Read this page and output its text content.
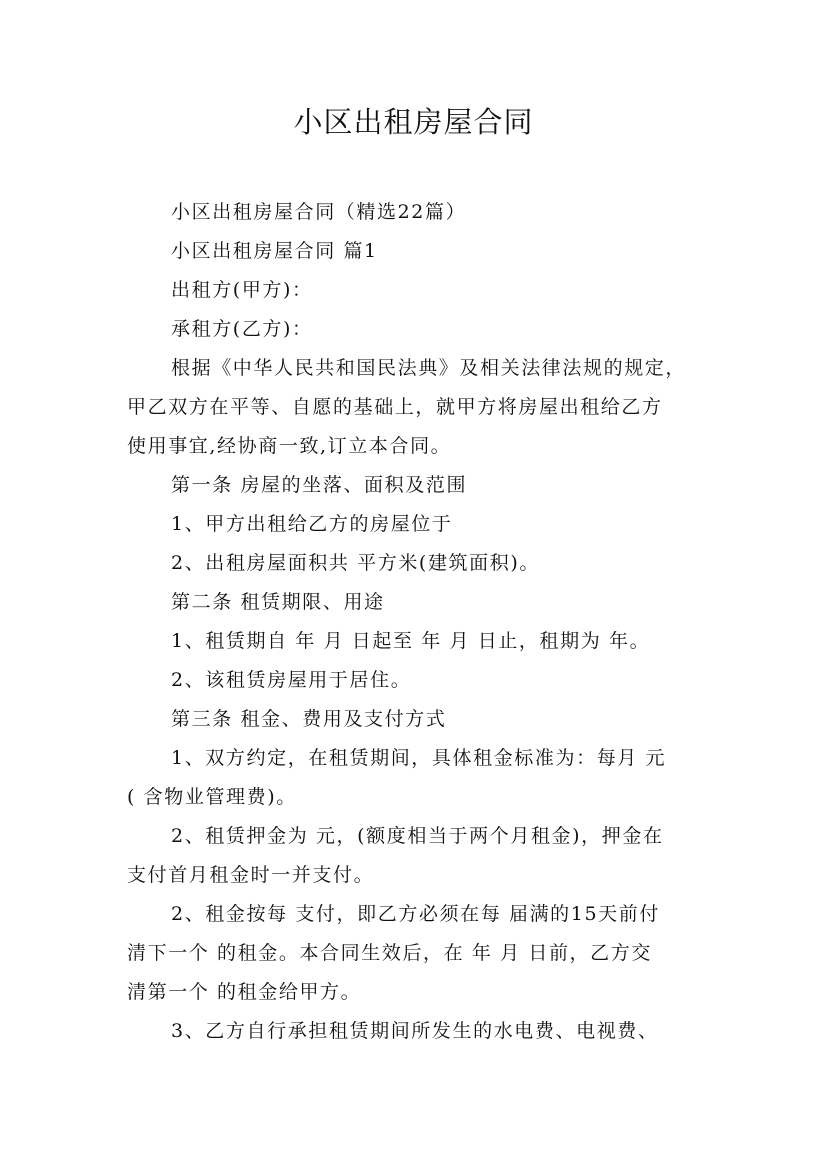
小区出租房屋合同
小区出租房屋合同（精选22篇）
小区出租房屋合同 篇1
出租方(甲方)：
承租方(乙方)：
根据《中华人民共和国民法典》及相关法律法规的规定，
甲乙双方在平等、自愿的基础上，就甲方将房屋出租给乙方
使用事宜,经协商一致,订立本合同。
第一条 房屋的坐落、面积及范围
1、甲方出租给乙方的房屋位于
2、出租房屋面积共 平方米(建筑面积)。
第二条 租赁期限、用途
1、租赁期自 年 月 日起至 年 月 日止，租期为 年。
2、该租赁房屋用于居住。
第三条 租金、费用及支付方式
1、双方约定，在租赁期间，具体租金标准为：每月 元
( 含物业管理费)。
2、租赁押金为 元，(额度相当于两个月租金)，押金在
支付首月租金时一并支付。
2、租金按每 支付，即乙方必须在每 届满的15天前付
清下一个 的租金。本合同生效后，在 年 月 日前，乙方交
清第一个 的租金给甲方。
3、乙方自行承担租赁期间所发生的水电费、电视费、
